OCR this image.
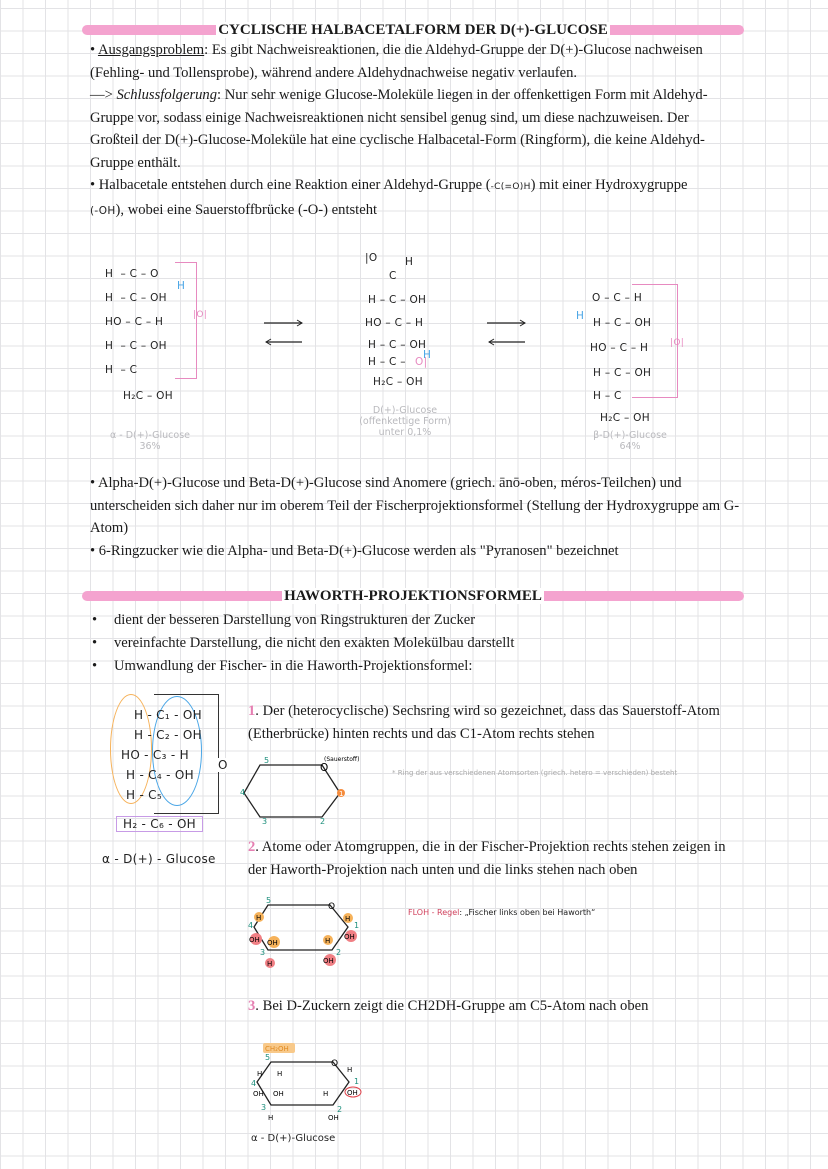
CYCLISCHE HALBACETALFORM DER D(+)-GLUCOSE

• Ausgangsproblem: Es gibt Nachweisreaktionen, die die Aldehyd-Gruppe der D(+)-Glucose nachweisen (Fehling- und Tollensprobe), während andere Aldehydnachweise negativ verlaufen.

—> Schlussfolgerung: Nur sehr wenige Glucose-Moleküle liegen in der offenkettigen Form mit Aldehyd-Gruppe vor, sodass einige Nachweisreaktionen nicht sensibel genug sind, um diese nachzuweisen. Der Großteil der D(+)-Glucose-Moleküle hat eine cyclische Halbacetal-Form (Ringform), die keine Aldehyd-Gruppe enthält.

• Halbacetale entstehen durch eine Reaktion einer Aldehyd-Gruppe (-C(=O)H) mit einer Hydroxygruppe
(-OH), wobei eine Sauerstoffbrücke (-O-) entsteht

H  – C – O
H  – C – OH
HO – C – H
H  – C – OH
H  – C
H₂C – OH
H
|O|
α - D(+)-Glucose
36%
|O	H
C
H – C – OH
HO – C – H
H – C – OH
H – C – O|
H
H₂C – OH
D(+)-Glucose
(offenkettige Form)
unter 0,1%
O – C – H
H – C – OH
HO – C – H
H – C – OH
H – C
H₂C – OH
H
|O|
β-D(+)-Glucose
64%

• Alpha-D(+)-Glucose und Beta-D(+)-Glucose sind Anomere (griech. ānō-oben, méros-Teilchen) und unterscheiden sich daher nur im oberem Teil der Fischerprojektionsformel (Stellung der Hydroxygruppe am G-Atom)

• 6-Ringzucker wie die Alpha- und Beta-D(+)-Glucose werden als "Pyranosen" bezeichnet

HAWORTH-PROJEKTIONSFORMEL
• dient der besseren Darstellung von Ringstrukturen der Zucker
• vereinfachte Darstellung, die nicht den exakten Molekülbau darstellt
• Umwandlung der Fischer- in die Haworth-Projektionsformel:
H - C₁ - OH
H - C₂ - OH
HO - C₃ - H
H - C₄ - OH
H - C₅
O
H₂ - C₆ - OH
α - D(+) - Glucose
1. Der (heterocyclische) Sechsring wird so gezeichnet, dass das Sauerstoff-Atom (Etherbrücke) hinten rechts und das C1-Atom rechts stehen
O
(Sauerstoff)
1
2
3
4
5
* Ring der aus verschiedenen Atomsorten (griech. hetero = verschieden) besteht
2. Atome oder Atomgruppen, die in der Fischer-Projektion rechts stehen zeigen in der Haworth-Projektion nach unten und die links stehen nach oben
O
H
OH
1
H
OH
2
OH
H
3
H
OH
4
5
FLOH - Regel: „Fischer links oben bei Haworth“
3. Bei D-Zuckern zeigt die CH2DH-Gruppe am C5-Atom nach oben
CH₂OH
O
H
OH
1
H
OH
2
OH
H
3
H
OH
4
H
5
α - D(+)-Glucose
